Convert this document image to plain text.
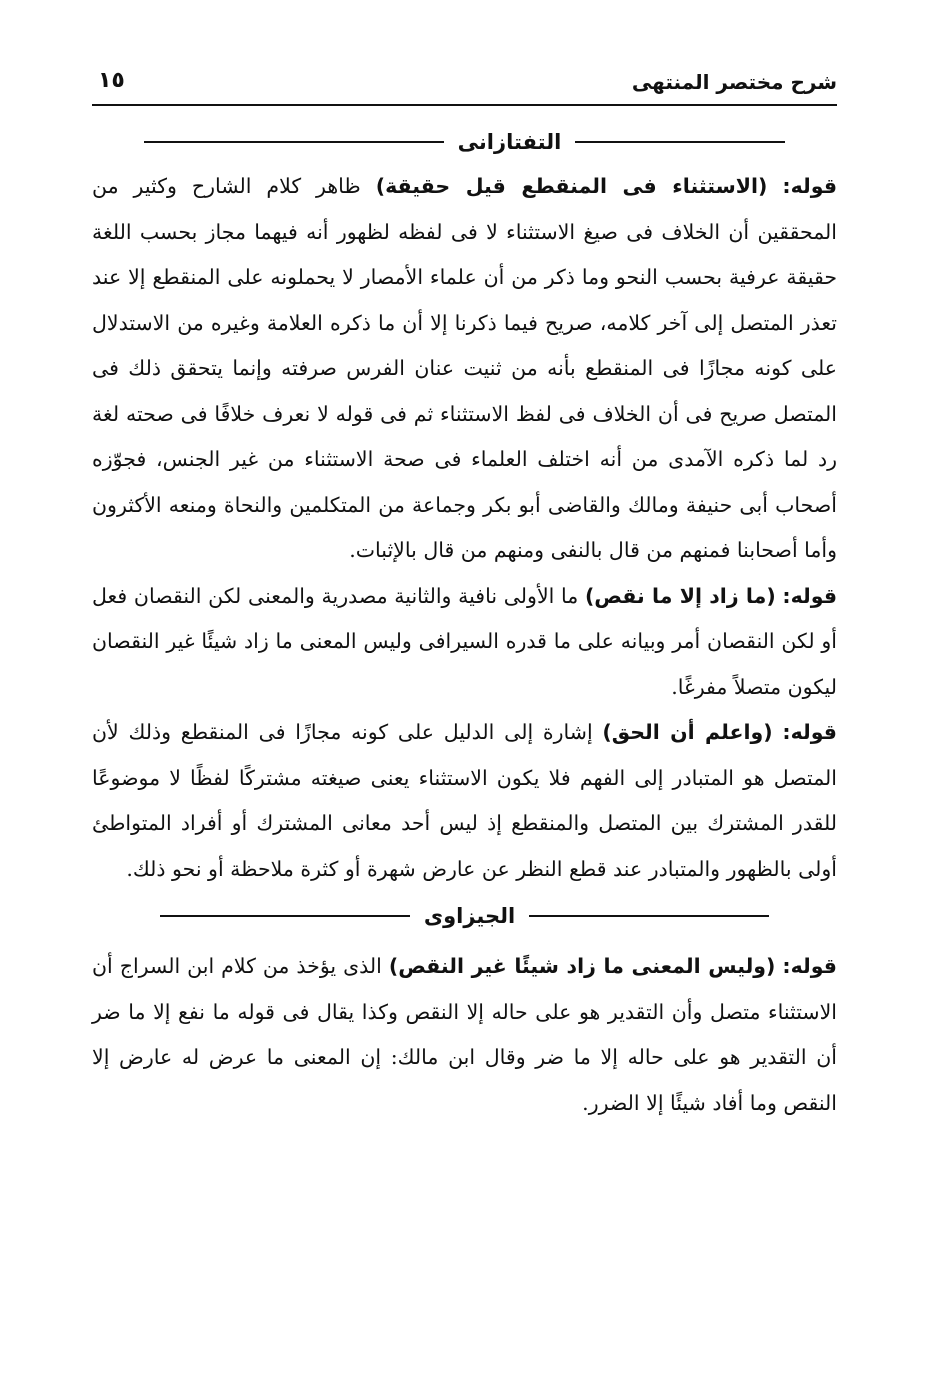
شرح مختصر المنتهى
١٥
التفتازانى

قوله: (الاستثناء فى المنقطع قيل حقيقة) ظاهر كلام الشارح وكثير من المحققين أن الخلاف فى صيغ الاستثناء لا فى لفظه لظهور أنه فيهما مجاز بحسب اللغة حقيقة عرفية بحسب النحو وما ذكر من أن علماء الأمصار لا يحملونه على المنقطع إلا عند تعذر المتصل إلى آخر كلامه، صريح فيما ذكرنا إلا أن ما ذكره العلامة وغيره من الاستدلال على كونه مجازًا فى المنقطع بأنه من ثنيت عنان الفرس صرفته وإنما يتحقق ذلك فى المتصل صريح فى أن الخلاف فى لفظ الاستثناء ثم فى قوله لا نعرف خلافًا فى صحته لغة رد لما ذكره الآمدى من أنه اختلف العلماء فى صحة الاستثناء من غير الجنس، فجوّزه أصحاب أبى حنيفة ومالك والقاضى أبو بكر وجماعة من المتكلمين والنحاة ومنعه الأكثرون وأما أصحابنا فمنهم من قال بالنفى ومنهم من قال بالإثبات.

قوله: (ما زاد إلا ما نقص) ما الأولى نافية والثانية مصدرية والمعنى لكن النقصان فعل أو لكن النقصان أمر وبيانه على ما قدره السيرافى وليس المعنى ما زاد شيئًا غير النقصان ليكون متصلاً مفرغًا.

قوله: (واعلم أن الحق) إشارة إلى الدليل على كونه مجازًا فى المنقطع وذلك لأن المتصل هو المتبادر إلى الفهم فلا يكون الاستثناء يعنى صيغته مشتركًا لفظًا لا موضوعًا للقدر المشترك بين المتصل والمنقطع إذ ليس أحد معانى المشترك أو أفراد المتواطئ أولى بالظهور والمتبادر عند قطع النظر عن عارض شهرة أو كثرة ملاحظة أو نحو ذلك.

الجيزاوى

قوله: (وليس المعنى ما زاد شيئًا غير النقص) الذى يؤخذ من كلام ابن السراج أن الاستثناء متصل وأن التقدير هو على حاله إلا النقص وكذا يقال فى قوله ما نفع إلا ما ضر أن التقدير هو على حاله إلا ما ضر وقال ابن مالك: إن المعنى ما عرض له عارض إلا النقص وما أفاد شيئًا إلا الضرر.
